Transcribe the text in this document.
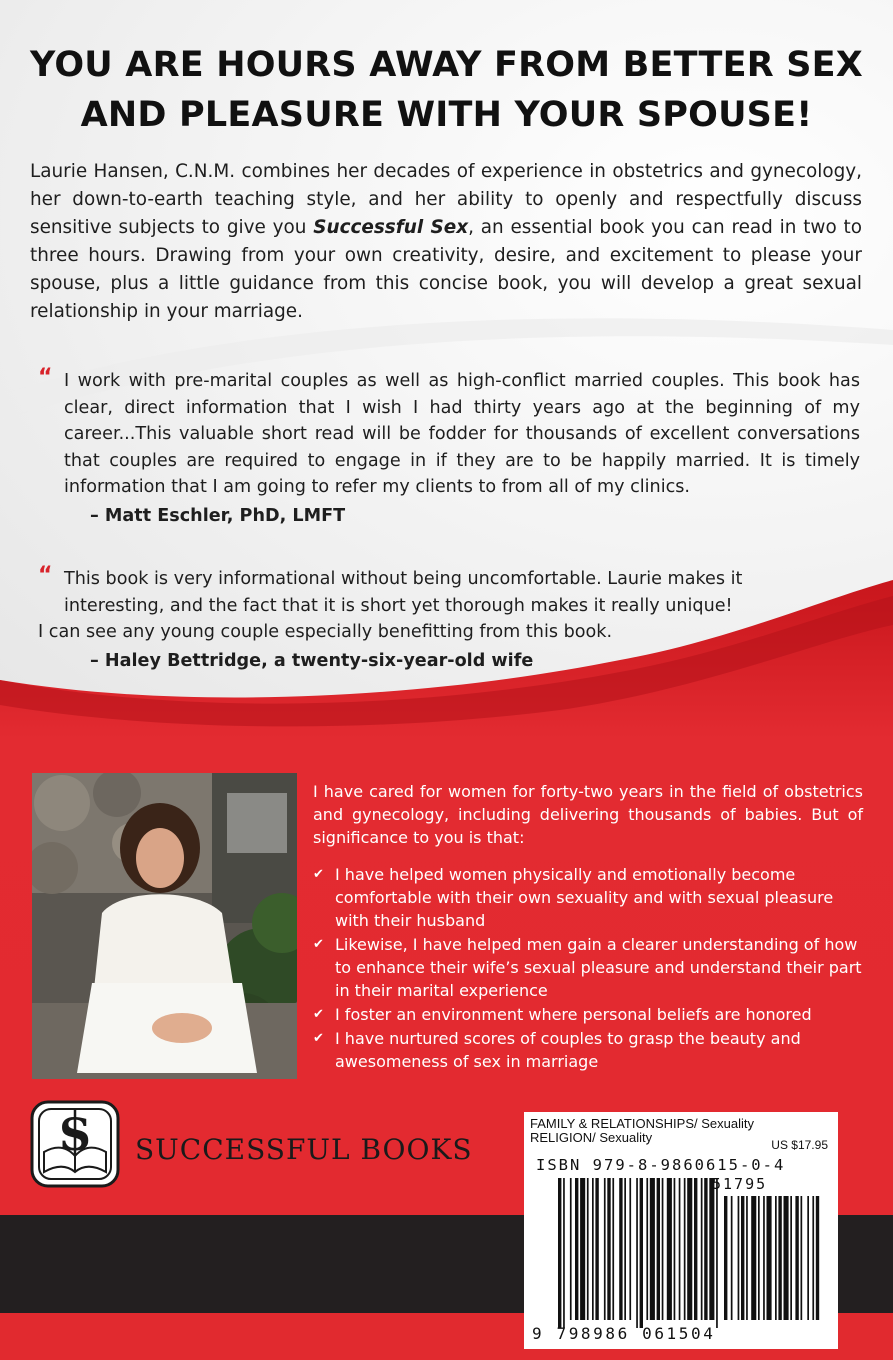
YOU ARE HOURS AWAY FROM BETTER SEX
AND PLEASURE WITH YOUR SPOUSE!
Laurie Hansen, C.N.M. combines her decades of experience in obstetrics and gynecology, her down-to-earth teaching style, and her ability to openly and respectfully discuss sensitive subjects to give you Successful Sex, an essential book you can read in two to three hours. Drawing from your own creativity, desire, and excitement to please your spouse, plus a little guidance from this concise book, you will develop a great sexual relationship in your marriage.
“ I work with pre-marital couples as well as high-conflict married couples. This book has clear, direct information that I wish I had thirty years ago at the beginning of my career...This valuable short read will be fodder for thousands of excellent conversations that couples are required to engage in if they are to be happily married. It is timely information that I am going to refer my clients to from all of my clinics.
– Matt Eschler, PhD, LMFT
“ This book is very informational without being uncomfortable. Laurie makes it
interesting, and the fact that it is short yet thorough makes it really unique!
I can see any young couple especially benefitting from this book.
– Haley Bettridge, a twenty-six-year-old wife

I have cared for women for forty-two years in the field of obstetrics and gynecology, including delivering thousands of babies. But of significance to you is that:

✔ I have helped women physically and emotionally become comfortable with their own sexuality and with sexual pleasure with their husband
✔ Likewise, I have helped men gain a clearer understanding of how to enhance their wife’s sexual pleasure and understand their part in their marital experience
✔ I foster an environment where personal beliefs are honored
✔ I have nurtured scores of couples to grasp the beauty and awesomeness of sex in marriage
S SUCCESSFUL BOOKS
FAMILY & RELATIONSHIPS/ Sexuality
RELIGION/ Sexuality	US $17.95
ISBN 979-8-9860615-0-4
51795
9 798986 061504
